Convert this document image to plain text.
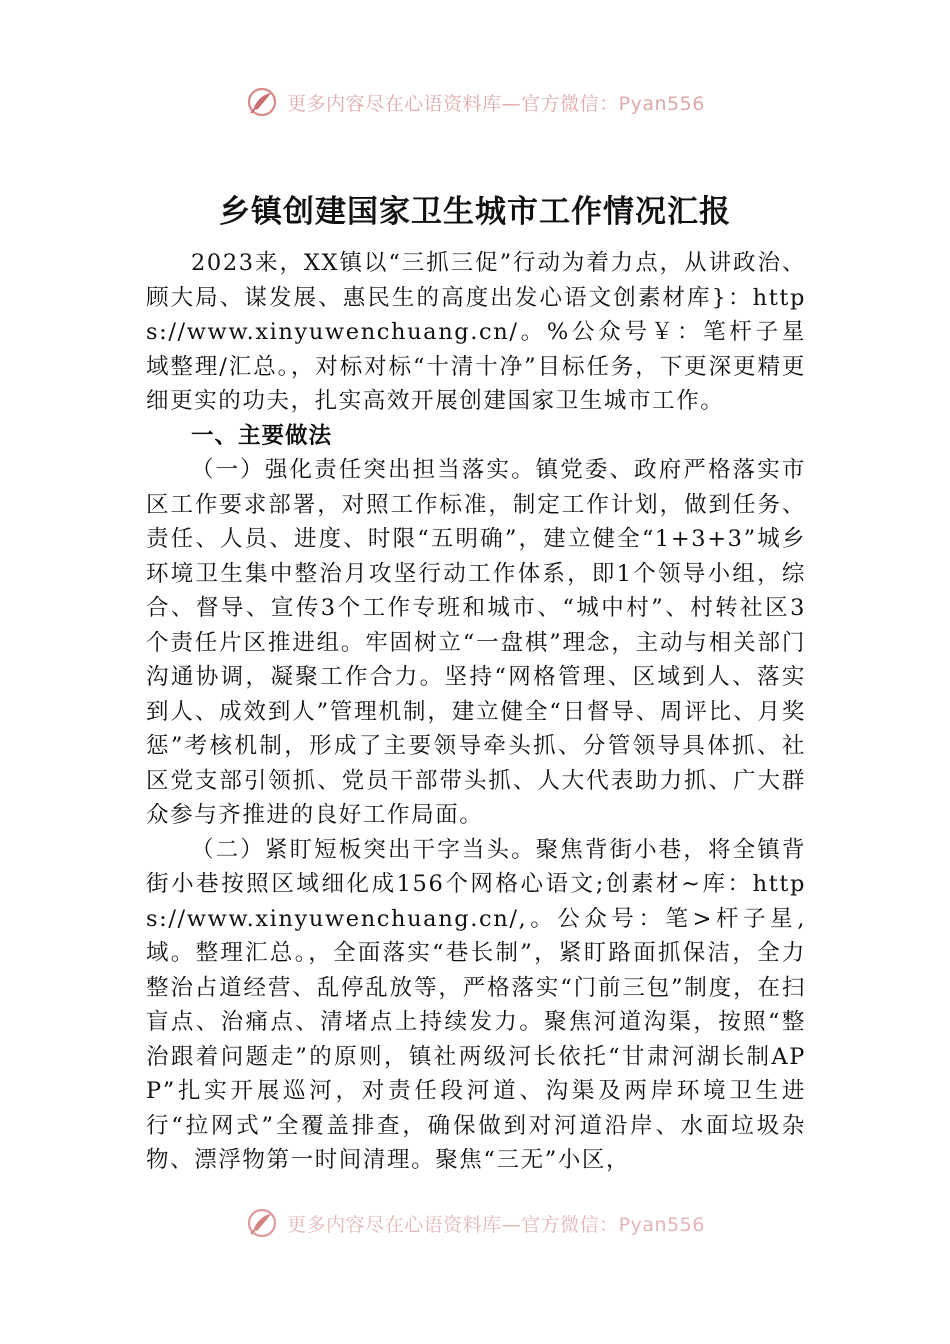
更多内容尽在心语资料库—官方微信：Pyan556
乡镇创建国家卫生城市工作情况汇报

2023来，XX镇以“三抓三促”行动为着力点，从讲政治、顾大局、谋发展、惠民生的高度出发心语文创素材库}：https://www.xinyuwenchuang.cn/。%公众号￥：笔杆子星域整理/汇总。，对标对标“十清十净”目标任务，下更深更精更细更实的功夫，扎实高效开展创建国家卫生城市工作。

一、主要做法

（一）强化责任突出担当落实。镇党委、政府严格落实市区工作要求部署，对照工作标准，制定工作计划，做到任务、责任、人员、进度、时限“五明确”，建立健全“1+3+3”城乡环境卫生集中整治月攻坚行动工作体系，即1个领导小组，综合、督导、宣传3个工作专班和城市、“城中村”、村转社区3个责任片区推进组。牢固树立“一盘棋”理念，主动与相关部门沟通协调，凝聚工作合力。坚持“网格管理、区域到人、落实到人、成效到人”管理机制，建立健全“日督导、周评比、月奖惩”考核机制，形成了主要领导牵头抓、分管领导具体抓、社区党支部引领抓、党员干部带头抓、人大代表助力抓、广大群众参与齐推进的良好工作局面。

（二）紧盯短板突出干字当头。聚焦背街小巷，将全镇背街小巷按照区域细化成156个网格心语文;创素材~库：https://www.xinyuwenchuang.cn/,。公众号：笔>杆子星,域。整理汇总。，全面落实“巷长制”，紧盯路面抓保洁，全力整治占道经营、乱停乱放等，严格落实“门前三包”制度，在扫盲点、治痛点、清堵点上持续发力。聚焦河道沟渠，按照“整治跟着问题走”的原则，镇社两级河长依托“甘肃河湖长制APP”扎实开展巡河，对责任段河道、沟渠及两岸环境卫生进行“拉网式”全覆盖排查，确保做到对河道沿岸、水面垃圾杂物、漂浮物第一时间清理。聚焦“三无”小区，

更多内容尽在心语资料库—官方微信：Pyan556
